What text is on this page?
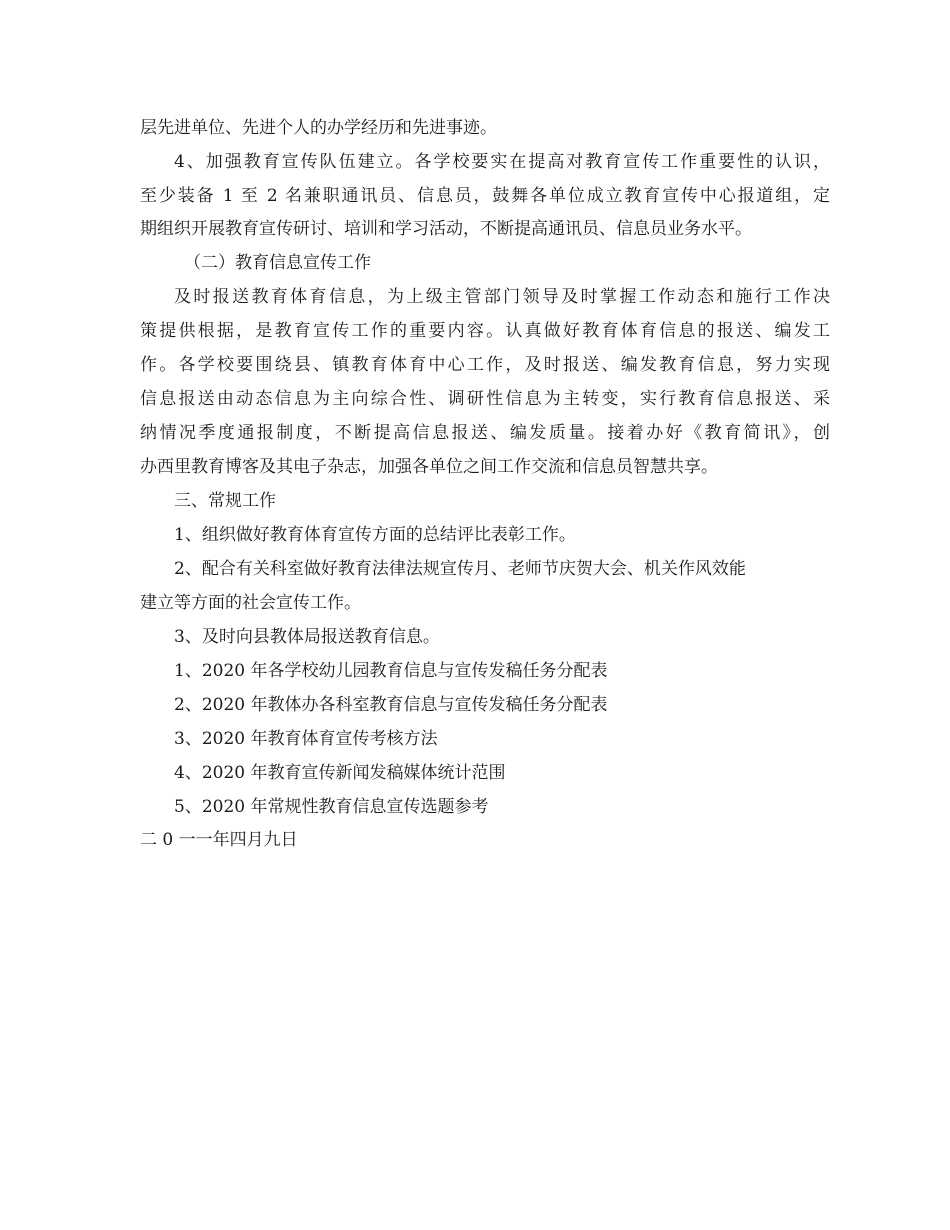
层先进单位、先进个人的办学经历和先进事迹。
4、加强教育宣传队伍建立。各学校要实在提高对教育宣传工作重要性的认识，
至少装备 1 至 2 名兼职通讯员、信息员，鼓舞各单位成立教育宣传中心报道组，定
期组织开展教育宣传研讨、培训和学习活动，不断提高通讯员、信息员业务水平。
（二）教育信息宣传工作
及时报送教育体育信息，为上级主管部门领导及时掌握工作动态和施行工作决
策提供根据，是教育宣传工作的重要内容。认真做好教育体育信息的报送、编发工
作。各学校要围绕县、镇教育体育中心工作，及时报送、编发教育信息，努力实现
信息报送由动态信息为主向综合性、调研性信息为主转变，实行教育信息报送、采
纳情况季度通报制度，不断提高信息报送、编发质量。接着办好《教育简讯》，创
办西里教育博客及其电子杂志，加强各单位之间工作交流和信息员智慧共享。
三、常规工作
1、组织做好教育体育宣传方面的总结评比表彰工作。
2、配合有关科室做好教育法律法规宣传月、老师节庆贺大会、机关作风效能
建立等方面的社会宣传工作。
3、及时向县教体局报送教育信息。
1、2020 年各学校幼儿园教育信息与宣传发稿任务分配表
2、2020 年教体办各科室教育信息与宣传发稿任务分配表
3、2020 年教育体育宣传考核方法
4、2020 年教育宣传新闻发稿媒体统计范围
5、2020 年常规性教育信息宣传选题参考
二 0 一一年四月九日
